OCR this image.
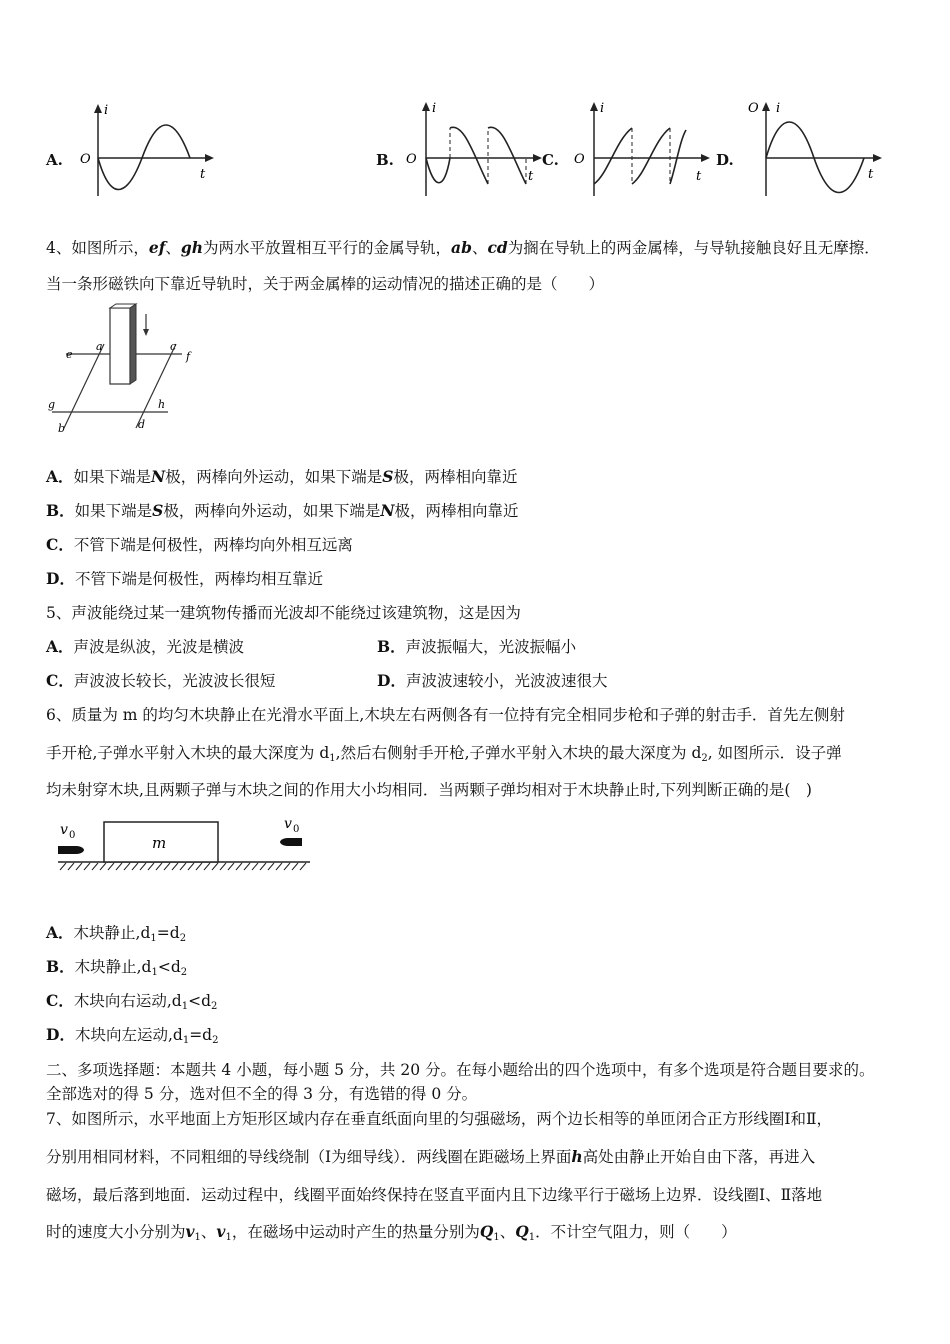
A. O
i
t
B. O
i
t
C. O
i
t
D.
O i
t
4、如图所示，ef、gh为两水平放置相互平行的金属导轨，ab、cd为搁在导轨上的两金属棒，与导轨接触良好且无摩擦．
当一条形磁铁向下靠近导轨时，关于两金属棒的运动情况的描述正确的是（　　）
e
a	c
f
g	h
b	d
A．如果下端是N极，两棒向外运动，如果下端是S极，两棒相向靠近
B．如果下端是S极，两棒向外运动，如果下端是N极，两棒相向靠近
C．不管下端是何极性，两棒均向外相互远离
D．不管下端是何极性，两棒均相互靠近
5、声波能绕过某一建筑物传播而光波却不能绕过该建筑物，这是因为
A．声波是纵波，光波是横波	B．声波振幅大，光波振幅小
C．声波波长较长，光波波长很短	D．声波波速较小，光波波速很大
6、质量为 m 的均匀木块静止在光滑水平面上,木块左右两侧各有一位持有完全相同步枪和子弹的射击手．首先左侧射
手开枪,子弹水平射入木块的最大深度为 $d_1$,然后右侧射手开枪,子弹水平射入木块的最大深度为 $d_2$, 如图所示．设子弹
均未射穿木块,且两颗子弹与木块之间的作用大小均相同．当两颗子弹均相对于木块静止时,下列判断正确的是(　)
m
v 0
v 0
A．木块静止$,d_1=d_2$
B．木块静止$,d_1<d_2$
C．木块向右运动$,d_1<d_2$
D．木块向左运动$,d_1=d_2$
二、多项选择题：本题共 4 小题，每小题 5 分，共 20 分。在每小题给出的四个选项中，有多个选项是符合题目要求的。
全部选对的得 5 分，选对但不全的得 3 分，有选错的得 0 分。
7、如图所示，水平地面上方矩形区域内存在垂直纸面向里的匀强磁场，两个边长相等的单匝闭合正方形线圈Ⅰ和Ⅱ，
分别用相同材料，不同粗细的导线绕制（Ⅰ为细导线）．两线圈在距磁场上界面h高处由静止开始自由下落，再进入
磁场，最后落到地面．运动过程中，线圈平面始终保持在竖直平面内且下边缘平行于磁场上边界．设线圈Ⅰ、Ⅱ落地
时的速度大小分别为$v_1$、$v_1$，在磁场中运动时产生的热量分别为$Q_1$、$Q_1$．不计空气阻力，则（　　）
